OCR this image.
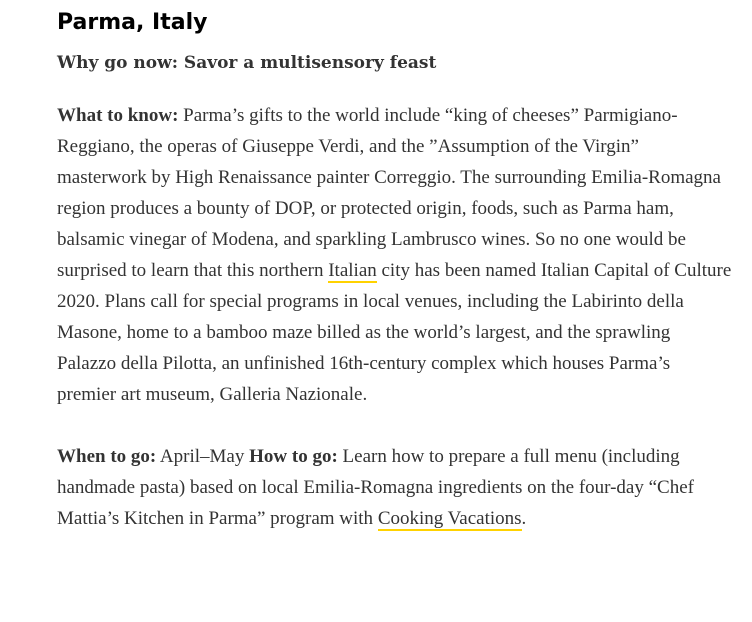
Parma, Italy
Why go now: Savor a multisensory feast

What to know: Parma’s gifts to the world include “king of cheeses” Parmigiano-Reggiano, the operas of Giuseppe Verdi, and the ”Assumption of the Virgin” masterwork by High Renaissance painter Correggio. The surrounding Emilia-Romagna region produces a bounty of DOP, or protected origin, foods, such as Parma ham, balsamic vinegar of Modena, and sparkling Lambrusco wines. So no one would be surprised to learn that this northern Italian city has been named Italian Capital of Culture 2020. Plans call for special programs in local venues, including the Labirinto della Masone, home to a bamboo maze billed as the world’s largest, and the sprawling Palazzo della Pilotta, an unfinished 16th-century complex which houses Parma’s premier art museum, Galleria Nazionale.

When to go: April–May How to go: Learn how to prepare a full menu (including handmade pasta) based on local Emilia-Romagna ingredients on the four-day “Chef Mattia’s Kitchen in Parma” program with Cooking Vacations.
